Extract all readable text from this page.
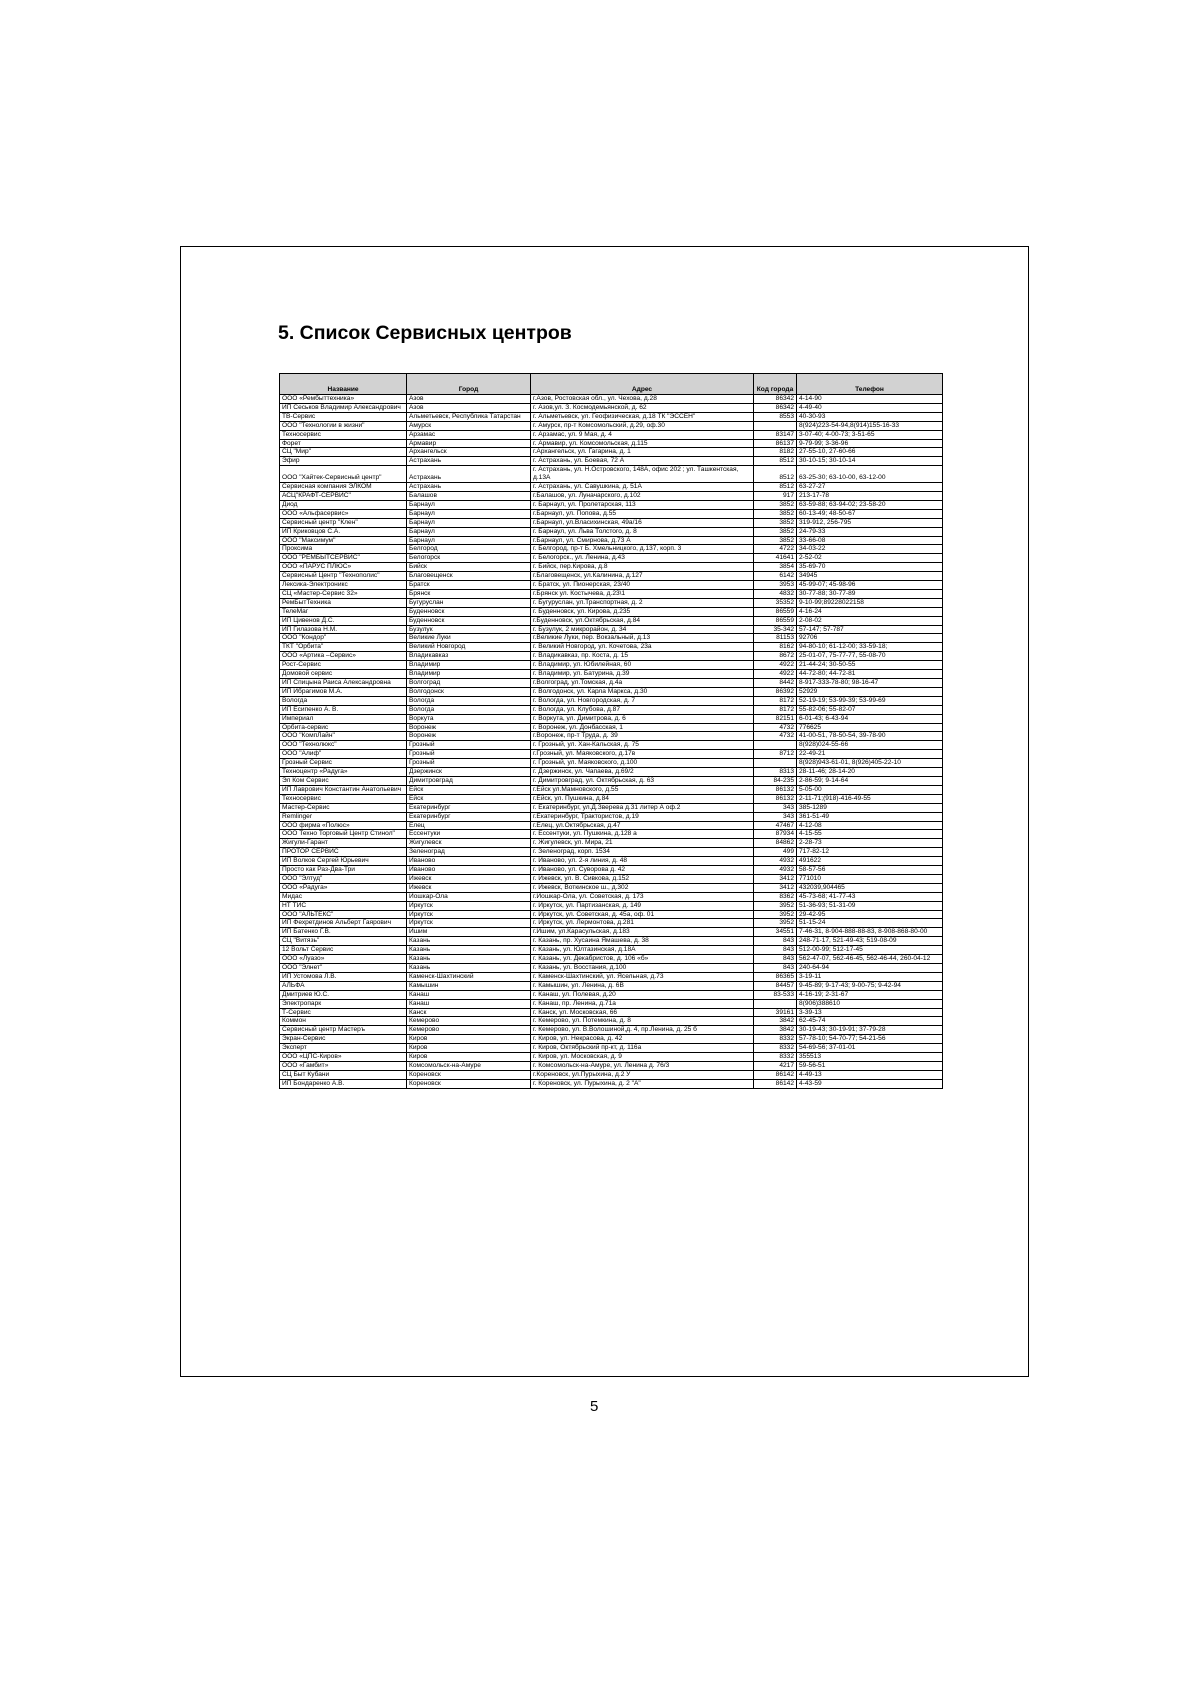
5. Список Сервисных центров
Название	Город	Адрес	Код города	Телефон
ООО «Рембыттехника»	Азов	г.Азов, Ростовская обл., ул. Чехова, д.28	86342	4-14-90
ИП Сеськов Владимир Александрович	Азов	г. Азов,ул. З. Космодемьянской, д. 62	86342	4-49-40
ТВ-Сервис	Альметьевск, Республика Татарстан	г. Альметьевск, ул. Геофизическая, д.18 ТК "ЭССЕН"	8553	40-30-93
ООО "Технологии в жизни"	Амурск	г. Амурск, пр-т Комсомольский, д.29, оф.30		8(924)223-54-94,8(914)155-16-33
Техносервис	Арзамас	г. Арзамас, ул. 9 Мая, д. 4	83147	3-07-40; 4-00-73; 3-51-65
Форет	Армавир	г. Армавир, ул. Комсомольская, д.115	86137	9-79-99; 3-36-96
СЦ "Мир"	Архангельск	г.Архангельск, ул. Гагарина, д. 1	8182	27-55-10, 27-60-66
Эфир	Астрахань	г. Астрахань, ул. Боевая, 72 А	8512	30-10-15; 30-10-14
ООО "Хайтек-Сервисный центр"	Астрахань	г. Астрахань, ул. Н.Островского, 148А, офис 202 ; ул. Ташкентская, д.13А	8512	63-25-30; 63-10-00, 63-12-00
Сервисная компания ЭЛКОМ	Астрахань	г. Астрахань, ул. Савушкина, д. 51А	8512	63-27-27
АСЦ"КРАФТ-СЕРВИС"	Балашов	г.Балашов, ул. Луначарского, д.102	917	213-17-78
Диод	Барнаул	г. Барнаул, ул. Пролетарская, 113	3852	63-59-88; 63-94-02; 23-58-20
ООО «Альфасервис»	Барнаул	г.Барнаул, ул. Попова, д.55	3852	60-13-49; 48-50-67
Сервисный центр "Клен"	Барнаул	г.Барнаул, ул.Власихинская, 49а/16	3852	319-912, 256-795
ИП Криковцов С.А.	Барнаул	г. Барнаул, ул. Льва Толстого, д. 8	3852	24-79-33
ООО "Максимум"	Барнаул	г.Барнаул, ул. Смирнова, д.73 А	3852	33-66-08
Проксима	Белгород	г. Белгород, пр-т Б. Хмельницкого, д.137, корп. 3	4722	34-03-22
ООО "РЕМБЫТСЕРВИС"	Белогорск	г. Белогорск., ул. Ленина, д.43	41641	2-52-02
ООО «ПАРУС ПЛЮС»	Бийск	г. Бийск, пер.Кирова, д.8	3854	35-69-70
Сервисный Центр "Технополис"	Благовещенск	г.Благовещенск, ул.Калинина, д.127	6142	34945
Лексика-Электроникс	Братск	г. Братск, ул. Пионерская, 23/40	3953	45-99-07; 45-98-96
СЦ «Мастер-Сервис 32»	Брянск	г.Брянск ул. Костычева, д.23\1	4832	30-77-88; 30-77-89
РемБытТехника	Бугуруслан	г. Бугуруслан, ул.Транспортная, д. 2	35352	9-10-99;89228022158
ТелеМаг	Буденновск	г. Буденновск, ул. Кирова, д.235	86559	4-16-24
ИП Цивенов Д.С.	Буденновск	г.Буденновск, ул.Октябрьская, д.84	86559	2-08-02
ИП Гилазова Н.М.	Бузулук	г. Бузулук, 2 микрорайон, д. 34	35-342	57-147; 57-787
ООО "Кондор"	Великие Луки	г.Великие Луки, пер. Вокзальный, д.13	81153	92706
ТКТ "Орбита"	Великий Новгород	г. Великий Новгород, ул. Кочетова, 23а	8162	94-80-10; 61-12-00; 33-59-18;
ООО «Артика –Сервис»	Владикавказ	г. Владикавказ, пр. Коста, д. 15	8672	25-01-07, 75-77-77, 55-08-70
Рост-Сервис	Владимир	г. Владимир, ул. Юбилейная, 60	4922	21-44-24; 30-50-55
Домовой сервис	Владимир	г. Владимир, ул. Батурина, д.39	4922	44-72-80; 44-72-81
ИП Спицына Раиса Александровна	Волгоград	г.Волгоград, ул.Томская, д.4а	8442	8-917-333-78-80; 98-16-47
ИП Ибрагимов М.А.	Волгодонск	г. Волгодонск, ул. Карла Маркса, д.30	86392	52929
Вологда	Вологда	г. Вологда, ул. Новгородская, д. 7	8172	52-19-19; 53-99-39; 53-99-69
ИП Есипенко А. В.	Вологда	г. Вологда, ул. Клубова, д.87	8172	55-82-06; 55-82-07
Империал	Воркута	г. Воркута, ул. Димитрова, д. 6	82151	6-01-43; 6-43-94
Орбита-сервис	Воронеж	г. Воронеж, ул. Донбасская, 1	4732	776625
ООО "КомпЛайн"	Воронеж	г.Воронеж, пр-т Труда, д. 39	4732	41-00-51, 78-50-54, 39-78-90
ООО "Технолюкс"	Грозный	г. Грозный, ул. Хан-Кальская, д. 75		8(928)024-55-66
ООО "Алиф"	Грозный	г.Грозный, ул. Маяковского, д.17в	8712	22-49-21
Грозный Сервис	Грозный	г. Грозный, ул. Маяковского, д.100		8(928)943-61-01, 8(926)405-22-10
Техноцентр «Радуга»	Дзержинск	г. Дзержинск, ул. Чапаева, д.69/2	8313	28-11-46; 28-14-20
Эл Ком Сервис	Димитровград	г. Димитровград, ул. Октябрьская, д. 63	84-235	2-86-59; 9-14-64
ИП Лаврович Константин Анатольевич	Ейск	г.Ейск ул.Мамновского, д.55	86132	5-05-00
Техносервис	Ейск	г.Ейск, ул. Пушкина, д.84	86132	2-11-71;(918)-416-49-55
Мастер-Сервис	Екатеринбург	г. Екатеринбург, ул.Д.Зверева д.31 литер А оф.2	343	385-1289
Remlinger	Екатеринбург	г.Екатеринбург, Трактористов, д.19	343	361-51-49
ООО фирма «Полюс»	Елец	г.Елец, ул.Октябрьская, д.47	47467	4-12-08
ООО Техно Торговый Центр Стинол"	Ессентуки	г. Ессентуки, ул. Пушкина, д.128 а	87934	4-15-55
Жигули-Гарант	Жигулевск	г. Жигулевск, ул. Мира, 21	84862	2-28-73
ПРОТОР СЕРВИС	Зеленоград	г. Зеленоград, корп. 1534	499	717-82-12
ИП Волков Сергей Юрьевич	Иваново	г. Иваново, ул. 2-я линия, д. 48	4932	491622
Просто как Раз-Два-Три	Иваново	г. Иваново, ул. Суворова д. 42	4932	58-57-56
ООО "Элтуд"	Ижевск	г. Ижевск, ул. В. Сивкова, д.152	3412	771010
ООО «Радуга»	Ижевск	г. Ижевск, Воткинское ш., д.302	3412	432039,904465
Мидас	Йошкар-Ола	г.Йошкар-Ола, ул. Советская, д. 173	8362	45-73-68; 41-77-43
НТ ТИС	Иркутск	г. Иркутск, ул. Партизанская, д. 149	3952	51-36-93; 51-31-09
ООО "АЛЬТЕКС"	Иркутск	г. Иркутск, ул. Советская, д. 45а, оф. 01	3952	29-42-95
ИП Фехретдинов Альберт Гаярович	Иркутск	г. Иркутск, ул. Лермонтова, д.281	3952	51-15-24
ИП Батенко Г.В.	Ишим	г.Ишим, ул.Карасульская, д.183	34551	7-46-31, 8-904-888-88-83, 8-908-868-80-00
СЦ "Витязь"	Казань	г. Казань, пр. Хусаина Ямашева, д. 38	843	248-71-17, 521-49-43; 519-08-09
12 Вольт Сервис	Казань	г. Казань, ул. Юлтазинская, д.18А	843	512-00-99; 512-17-45
ООО «Луазо»	Казань	г. Казань, ул. Декабристов, д. 106 «б»	843	562-47-07, 562-46-45, 562-46-44, 260-04-12
ООО "Элнет"	Казань	г. Казань, ул. Восстания, д.100	843	240-64-94
ИП Устомова Л.В.	Каменск-Шахтинский	г. Каменск-Шахтинский, ул. Ясельная, д.73	86365	3-19-11
АЛЬФА	Камышин	г. Камышин, ул. Ленина, д. 6В	84457	9-45-89; 9-17-43; 9-00-75; 9-42-94
Дмитриев Ю.С.	Канаш	г. Канаш, ул. Полевая, д.20	83-533	4-16-19; 2-31-67
Электропарк	Канаш	г. Канаш, пр. Ленина, д.71а		8(906)388610
Т-Сервис	Канск	г. Канск, ул. Московская, 66	39161	3-39-13
Коммон	Кемерово	г. Кемерово, ул. Потемкина, д. 8	3842	62-45-74
Сервисный центр Мастеръ	Кемерово	г. Кемерово, ул. В.Волошиной,д. 4, пр.Ленина, д. 25 б	3842	30-19-43; 30-19-91; 37-79-28
Экран-Сервис	Киров	г. Киров, ул. Некрасова, д. 42	8332	57-78-10; 54-70-77; 54-21-56
Эксперт	Киров	г. Киров, Октябрьский пр-кт, д. 116а	8332	54-69-56; 37-01-01
ООО «ЦПС-Киров»	Киров	г. Киров, ул. Московская, д. 9	8332	355513
ООО «Гамбит»	Комсомольск-на-Амуре	г. Комсомольск-на-Амуре, ул. Ленина д. 76/3	4217	59-56-51
СЦ Быт Кубани	Кореновск	г.Кореновск, ул.Пурыхина, д.2 У	86142	4-49-13
ИП Бондаренко А.В.	Кореновск	г. Кореновск, ул. Пурыхина, д. 2 "А"	86142	4-43-59
5
